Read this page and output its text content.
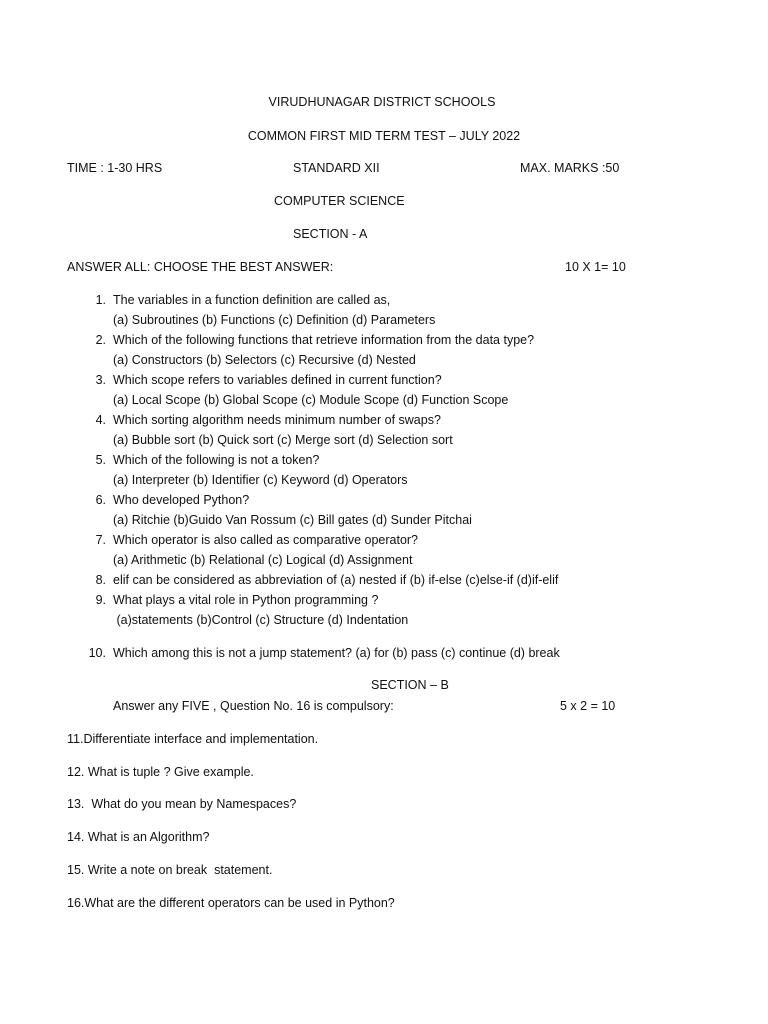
VIRUDHUNAGAR DISTRICT SCHOOLS
COMMON FIRST MID TERM TEST – JULY 2022
TIME : 1-30 HRS	STANDARD XII	MAX. MARKS :50
COMPUTER SCIENCE
SECTION - A
ANSWER ALL: CHOOSE THE BEST ANSWER:	10 X 1= 10
1. The variables in a function definition are called as,
(a) Subroutines (b) Functions (c) Definition (d) Parameters
2. Which of the following functions that retrieve information from the data type?
(a) Constructors (b) Selectors (c) Recursive (d) Nested
3. Which scope refers to variables defined in current function?
(a) Local Scope (b) Global Scope (c) Module Scope (d) Function Scope
4. Which sorting algorithm needs minimum number of swaps?
(a) Bubble sort (b) Quick sort (c) Merge sort (d) Selection sort
5. Which of the following is not a token?
(a) Interpreter (b) Identifier (c) Keyword (d) Operators
6. Who developed Python?
(a) Ritchie (b)Guido Van Rossum (c) Bill gates (d) Sunder Pitchai
7. Which operator is also called as comparative operator?
(a) Arithmetic (b) Relational (c) Logical (d) Assignment
8. elif can be considered as abbreviation of (a) nested if (b) if-else (c)else-if (d)if-elif
9. What plays a vital role in Python programming ?
(a)statements (b)Control (c) Structure (d) Indentation
10. Which among this is not a jump statement? (a) for (b) pass (c) continue (d) break
SECTION – B
Answer any FIVE , Question No. 16 is compulsory:	5 x 2 = 10
11.Differentiate interface and implementation.
12. What is tuple ? Give example.
13.  What do you mean by Namespaces?
14. What is an Algorithm?
15. Write a note on break  statement.
16.What are the different operators can be used in Python?
